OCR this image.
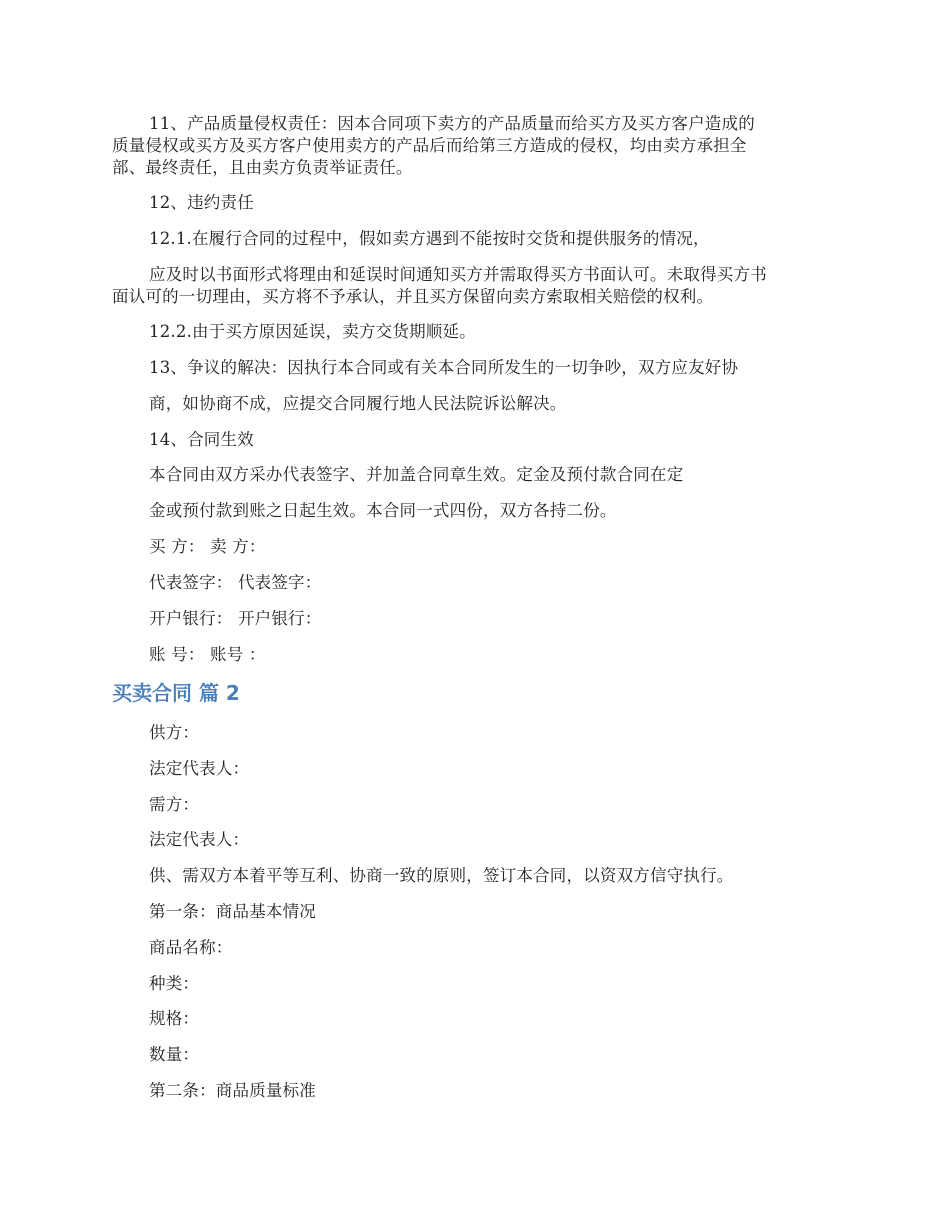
11、产品质量侵权责任：因本合同项下卖方的产品质量而给买方及买方客户造成的
质量侵权或买方及买方客户使用卖方的产品后而给第三方造成的侵权，均由卖方承担全
部、最终责任，且由卖方负责举证责任。
12、违约责任
12.1.在履行合同的过程中，假如卖方遇到不能按时交货和提供服务的情况，
应及时以书面形式将理由和延误时间通知买方并需取得买方书面认可。未取得买方书
面认可的一切理由，买方将不予承认，并且买方保留向卖方索取相关赔偿的权利。
12.2.由于买方原因延误，卖方交货期顺延。
13、争议的解决：因执行本合同或有关本合同所发生的一切争吵，双方应友好协
商，如协商不成，应提交合同履行地人民法院诉讼解决。
14、合同生效
本合同由双方采办代表签字、并加盖合同章生效。定金及预付款合同在定
金或预付款到账之日起生效。本合同一式四份，双方各持二份。
买 方： 卖 方：
代表签字： 代表签字：
开户银行： 开户银行：
账 号： 账号 ：
买卖合同 篇 2
供方：
法定代表人：
需方：
法定代表人：
供、需双方本着平等互利、协商一致的原则，签订本合同，以资双方信守执行。
第一条：商品基本情况
商品名称：
种类：
规格：
数量：
第二条：商品质量标准
